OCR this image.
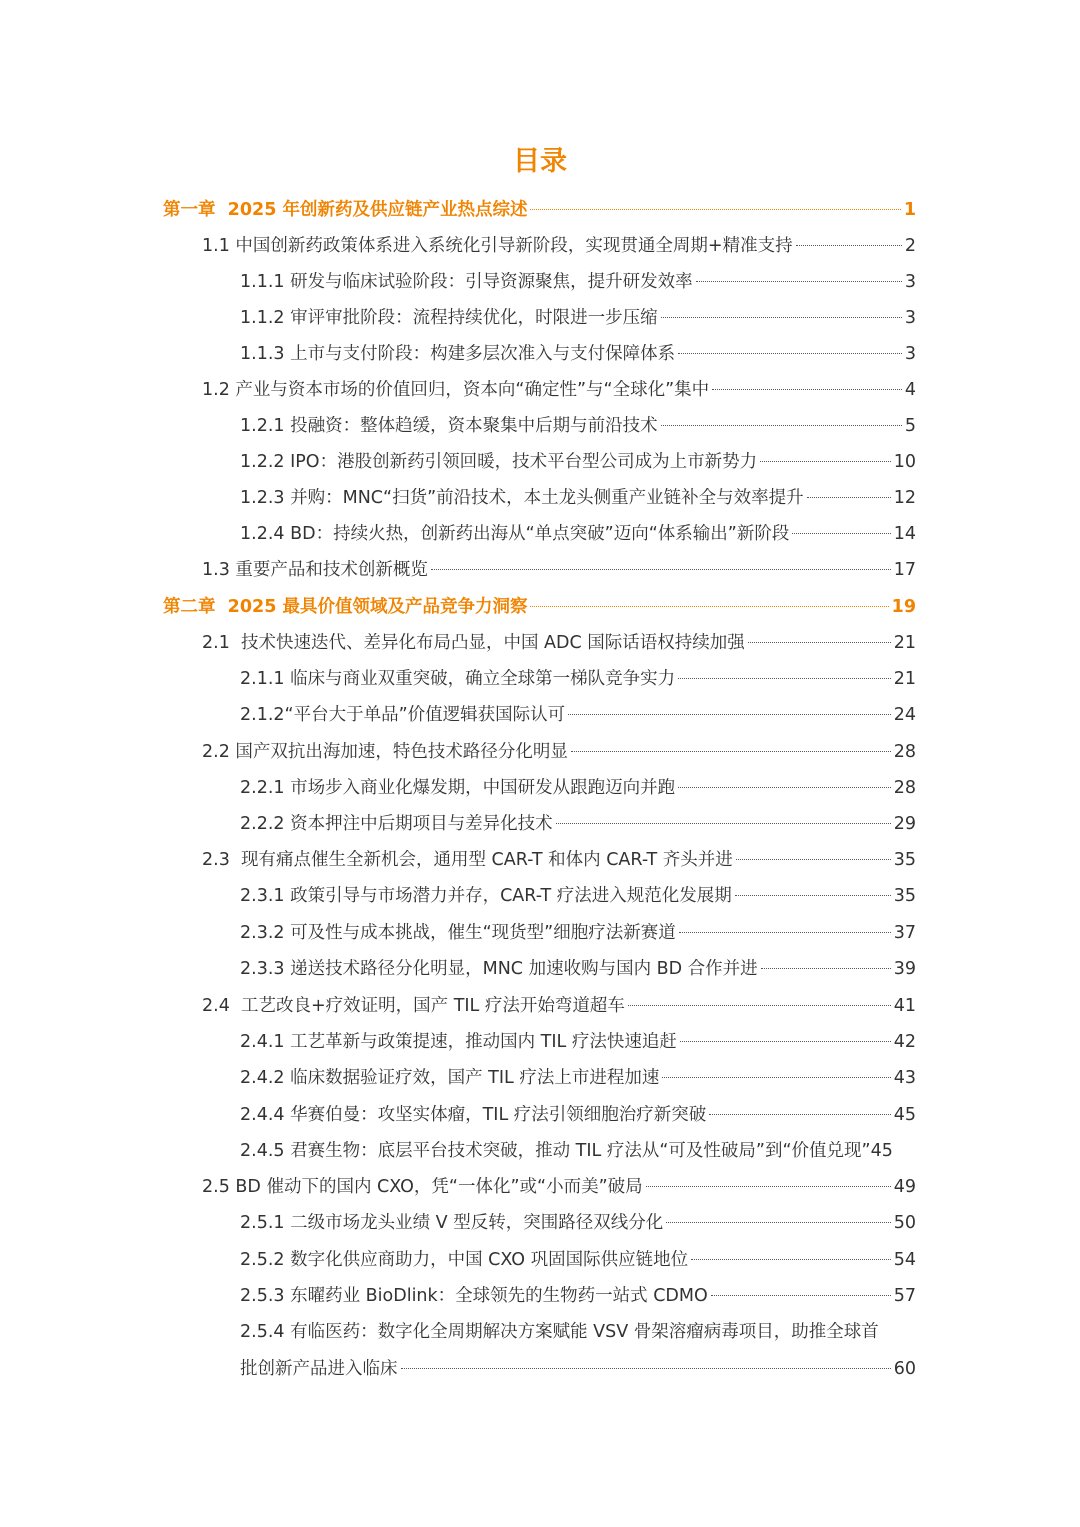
目录
第一章 2025 年创新药及供应链产业热点综述	1
1.1 中国创新药政策体系进入系统化引导新阶段，实现贯通全周期+精准支持	2
1.1.1 研发与临床试验阶段：引导资源聚焦，提升研发效率	3
1.1.2 审评审批阶段：流程持续优化，时限进一步压缩	3
1.1.3 上市与支付阶段：构建多层次准入与支付保障体系	3
1.2 产业与资本市场的价值回归，资本向“确定性”与“全球化”集中	4
1.2.1 投融资：整体趋缓，资本聚集中后期与前沿技术	5
1.2.2 IPO：港股创新药引领回暖，技术平台型公司成为上市新势力	10
1.2.3 并购：MNC“扫货”前沿技术，本土龙头侧重产业链补全与效率提升	12
1.2.4 BD：持续火热，创新药出海从“单点突破”迈向“体系输出”新阶段	14
1.3 重要产品和技术创新概览	17
第二章 2025 最具价值领域及产品竞争力洞察	19
2.1 技术快速迭代、差异化布局凸显，中国 ADC 国际话语权持续加强	21
2.1.1 临床与商业双重突破，确立全球第一梯队竞争实力	21
2.1.2 “平台大于单品”价值逻辑获国际认可	24
2.2 国产双抗出海加速，特色技术路径分化明显	28
2.2.1 市场步入商业化爆发期，中国研发从跟跑迈向并跑	28
2.2.2 资本押注中后期项目与差异化技术	29
2.3 现有痛点催生全新机会，通用型 CAR-T 和体内 CAR-T 齐头并进	35
2.3.1 政策引导与市场潜力并存，CAR-T 疗法进入规范化发展期	35
2.3.2 可及性与成本挑战，催生“现货型”细胞疗法新赛道	37
2.3.3 递送技术路径分化明显，MNC 加速收购与国内 BD 合作并进	39
2.4 工艺改良+疗效证明，国产 TIL 疗法开始弯道超车	41
2.4.1 工艺革新与政策提速，推动国内 TIL 疗法快速追赶	42
2.4.2 临床数据验证疗效，国产 TIL 疗法上市进程加速	43
2.4.4 华赛伯曼：攻坚实体瘤，TIL 疗法引领细胞治疗新突破	45
2.4.5 君赛生物：底层平台技术突破，推动 TIL 疗法从“可及性破局”到“价值兑现” 45
2.5 BD 催动下的国内 CXO，凭“一体化”或“小而美”破局	49
2.5.1 二级市场龙头业绩 V 型反转，突围路径双线分化	50
2.5.2 数字化供应商助力，中国 CXO 巩固国际供应链地位	54
2.5.3 东曜药业 BioDlink：全球领先的生物药一站式 CDMO	57
2.5.4 有临医药：数字化全周期解决方案赋能 VSV 骨架溶瘤病毒项目，助推全球首
批创新产品进入临床	60
